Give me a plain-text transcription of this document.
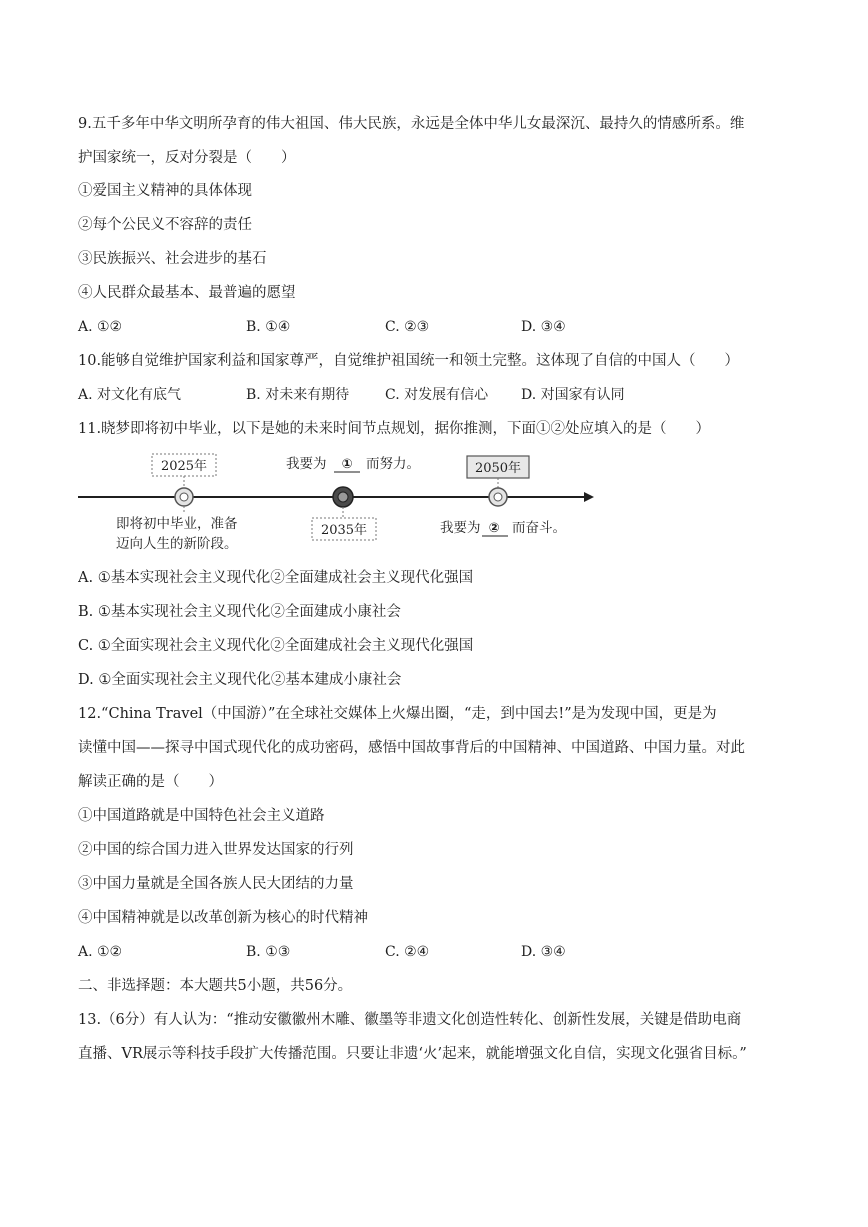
9.五千多年中华文明所孕育的伟大祖国、伟大民族，永远是全体中华儿女最深沉、最持久的情感所系。维
护国家统一，反对分裂是（　　）
①爱国主义精神的具体体现
②每个公民义不容辞的责任
③民族振兴、社会进步的基石
④人民群众最基本、最普遍的愿望
A. ①②	B. ①④	C. ②③	D. ③④
10.能够自觉维护国家利益和国家尊严，自觉维护祖国统一和领土完整。这体现了自信的中国人（　　）
A. 对文化有底气	B. 对未来有期待	C. 对发展有信心 D. 对国家有认同
11.晓梦即将初中毕业，以下是她的未来时间节点规划，据你推测，下面①②处应填入的是（　　）
2025年
即将初中毕业，准备
迈向人生的新阶段。
我要为 ① 而努力。
2035年
2050年
我要为 ② 而奋斗。
A. ①基本实现社会主义现代化②全面建成社会主义现代化强国
B. ①基本实现社会主义现代化②全面建成小康社会
C. ①全面实现社会主义现代化②全面建成社会主义现代化强国
D. ①全面实现社会主义现代化②基本建成小康社会
12.“China Travel（中国游）”在全球社交媒体上火爆出圈，“走，到中国去!”是为发现中国，更是为
读懂中国——探寻中国式现代化的成功密码，感悟中国故事背后的中国精神、中国道路、中国力量。对此
解读正确的是（　　）
①中国道路就是中国特色社会主义道路
②中国的综合国力进入世界发达国家的行列
③中国力量就是全国各族人民大团结的力量
④中国精神就是以改革创新为核心的时代精神
A. ①②	B. ①③	C. ②④	D. ③④
二、非选择题：本大题共5小题，共56分。
13.（6分）有人认为：“推动安徽徽州木雕、徽墨等非遗文化创造性转化、创新性发展，关键是借助电商
直播、VR展示等科技手段扩大传播范围。只要让非遗‘火’起来，就能增强文化自信，实现文化强省目标。”
